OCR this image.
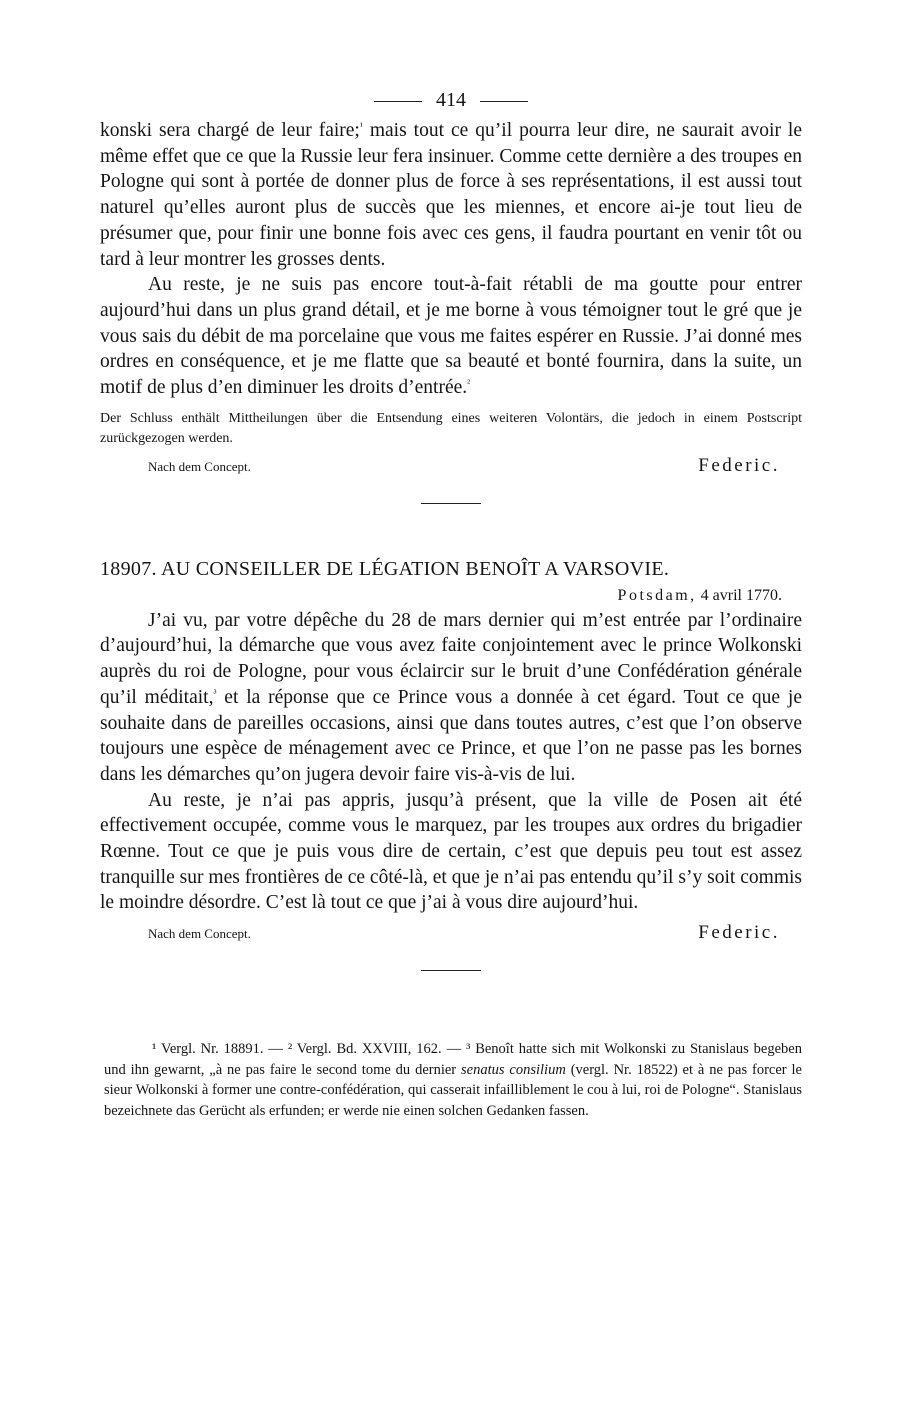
414

konski sera chargé de leur faire;$^{^1}$ mais tout ce qu’il pourra leur dire, ne saurait avoir le même effet que ce que la Russie leur fera insinuer. Comme cette dernière a des troupes en Pologne qui sont à portée de donner plus de force à ses représentations, il est aussi tout naturel qu’elles auront plus de succès que les miennes, et encore ai-je tout lieu de présumer que, pour finir une bonne fois avec ces gens, il faudra pourtant en venir tôt ou tard à leur montrer les grosses dents.

Au reste, je ne suis pas encore tout-à-fait rétabli de ma goutte pour entrer aujourd’hui dans un plus grand détail, et je me borne à vous témoigner tout le gré que je vous sais du débit de ma porcelaine que vous me faites espérer en Russie. J’ai donné mes ordres en conséquence, et je me flatte que sa beauté et bonté fournira, dans la suite, un motif de plus d’en diminuer les droits d’entrée.$^{^2}$

Der Schluss enthält Mittheilungen über die Entsendung eines weiteren Volontärs, die jedoch in einem Postscript zurückgezogen werden.

Nach dem Concept.	Federic.
18907. AU CONSEILLER DE LÉGATION BENOÎT A VARSOVIE.
Potsdam, 4 avril 1770.

J’ai vu, par votre dépêche du 28 de mars dernier qui m’est entrée par l’ordinaire d’aujourd’hui, la démarche que vous avez faite conjointement avec le prince Wolkonski auprès du roi de Pologne, pour vous éclaircir sur le bruit d’une Confédération générale qu’il méditait,$^{^3}$ et la réponse que ce Prince vous a donnée à cet égard. Tout ce que je souhaite dans de pareilles occasions, ainsi que dans toutes autres, c’est que l’on observe toujours une espèce de ménagement avec ce Prince, et que l’on ne passe pas les bornes dans les démarches qu’on jugera devoir faire vis-à-vis de lui.

Au reste, je n’ai pas appris, jusqu’à présent, que la ville de Posen ait été effectivement occupée, comme vous le marquez, par les troupes aux ordres du brigadier Rœnne. Tout ce que je puis vous dire de certain, c’est que depuis peu tout est assez tranquille sur mes frontières de ce côté-là, et que je n’ai pas entendu qu’il s’y soit commis le moindre désordre. C’est là tout ce que j’ai à vous dire aujourd’hui.

Nach dem Concept.	Federic.
¹ Vergl. Nr. 18891. — ² Vergl. Bd. XXVIII, 162. — ³ Benoît hatte sich mit Wolkonski zu Stanislaus begeben und ihn gewarnt, „à ne pas faire le second tome du dernier senatus consilium (vergl. Nr. 18522) et à ne pas forcer le sieur Wolkonski à former une contre-confédération, qui casserait infailliblement le cou à lui, roi de Pologne“. Stanislaus bezeichnete das Gerücht als erfunden; er werde nie einen solchen Gedanken fassen.
